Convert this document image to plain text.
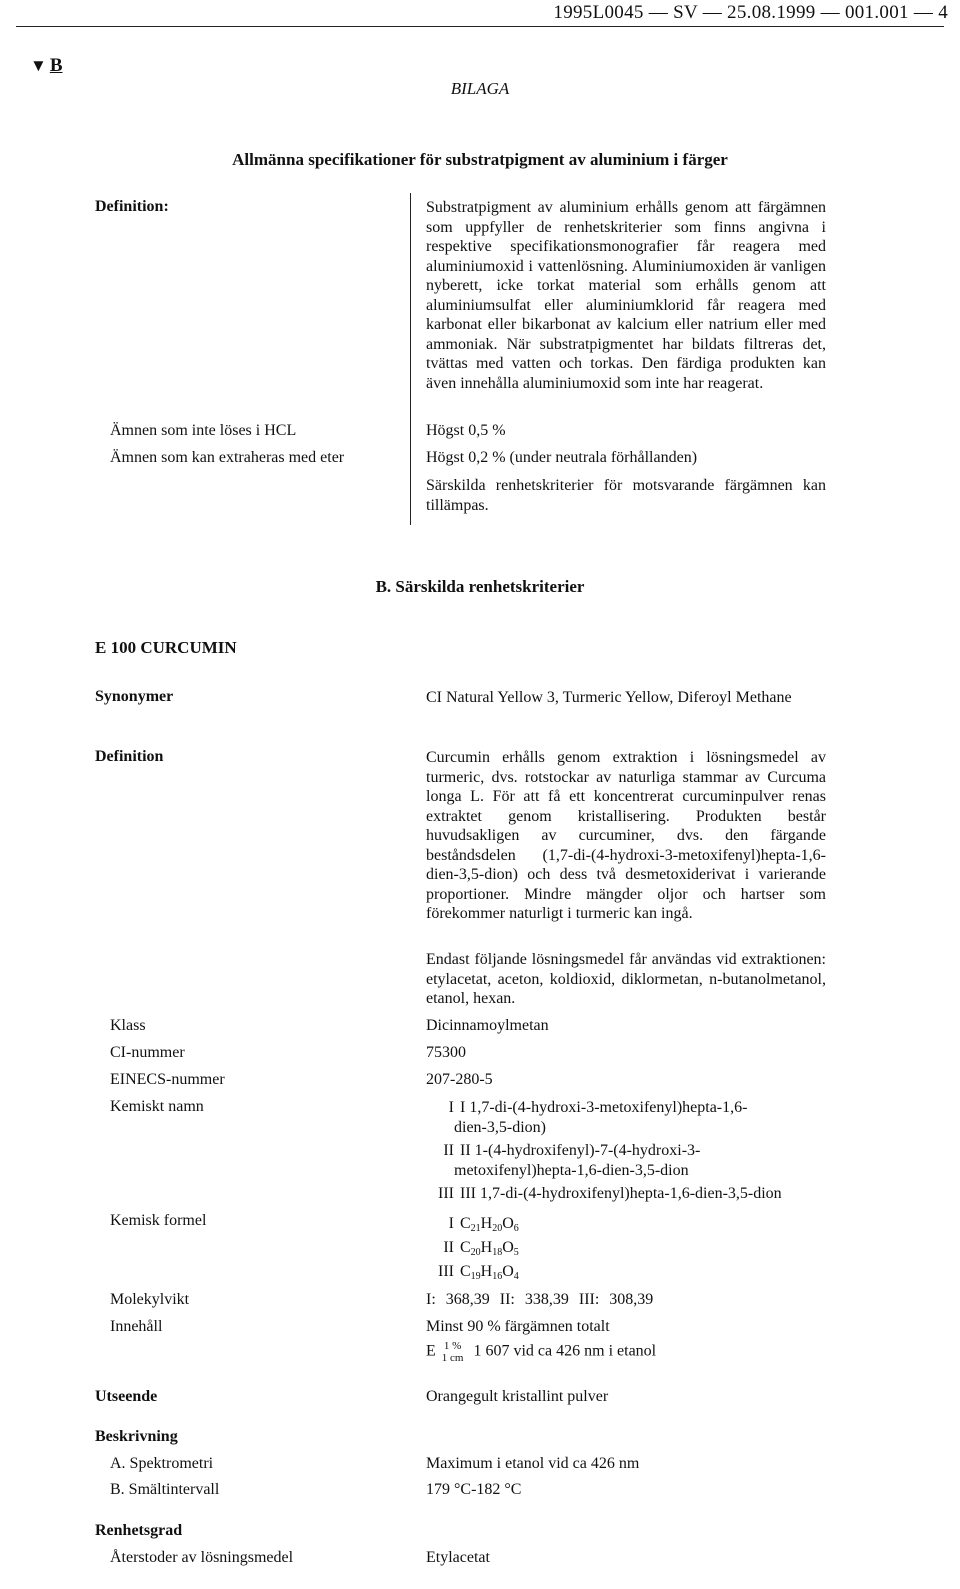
1995L0045 — SV — 25.08.1999 — 001.001 — 4
▼ B
BILAGA
Allmänna specifikationer för substratpigment av aluminium i färger
Definition:	Substratpigment av aluminium erhålls genom att färgämnen som uppfyller de renhetskriterier som finns angivna i respektive specifikationsmonografier får reagera med aluminiumoxid i vattenlösning. Aluminiumoxiden är vanligen nyberett, icke torkat material som erhålls genom att aluminiumsulfat eller aluminiumklorid får reagera med karbonat eller bikarbonat av kalcium eller natrium eller med ammoniak. När substratpigmentet har bildats filtreras det, tvättas med vatten och torkas. Den färdiga produkten kan även innehålla aluminiumoxid som inte har reagerat.
Ämnen som inte löses i HCL	Högst 0,5 %
Ämnen som kan extraheras med eter	Högst 0,2 % (under neutrala förhållanden)
Särskilda renhetskriterier för motsvarande färgämnen kan tillämpas.
B. Särskilda renhetskriterier
E 100 CURCUMIN
Synonymer	CI Natural Yellow 3, Turmeric Yellow, Diferoyl Methane
Definition	Curcumin erhålls genom extraktion i lösningsmedel av turmeric, dvs. rotstockar av naturliga stammar av Curcuma longa L. För att få ett koncentrerat curcuminpulver renas extraktet genom kristallisering. Produkten består huvudsakligen av curcuminer, dvs. den färgande beståndsdelen (1,7-di-(4-hydroxi-3-metoxifenyl)hepta-1,6-dien-3,5-dion) och dess två desmetoxiderivat i varierande proportioner. Mindre mängder oljor och hartser som förekommer naturligt i turmeric kan ingå.
Endast följande lösningsmedel får användas vid extraktionen: etylacetat, aceton, koldioxid, diklormetan, n-butanolmetanol, etanol, hexan.
Klass	Dicinnamoylmetan
CI-nummer	75300
EINECS-nummer	207-280-5
Kemiskt namn	I I 1,7-di-(4-hydroxi-3-metoxifenyl)hepta-1,6-
dien-3,5-dion)
II II 1-(4-hydroxifenyl)-7-(4-hydroxi-3-
metoxifenyl)hepta-1,6-dien-3,5-dion
III III 1,7-di-(4-hydroxifenyl)hepta-1,6-dien-3,5-dion
Kemisk formel	I $C_{21}H_{20}O_6$
II $C_{20}H_{18}O_5$
III $C_{19}H_{16}O_4$
Molekylvikt	I: 368,39 II: 338,39 III: 308,39
Innehåll	Minst 90 % färgämnen totalt
E 1 %
1 cm 1 607 vid ca 426 nm i etanol
Utseende	Orangegult kristallint pulver
Beskrivning
A. Spektrometri	Maximum i etanol vid ca 426 nm
B. Smältintervall	179 °C-182 °C
Renhetsgrad
Återstoder av lösningsmedel	Etylacetat
